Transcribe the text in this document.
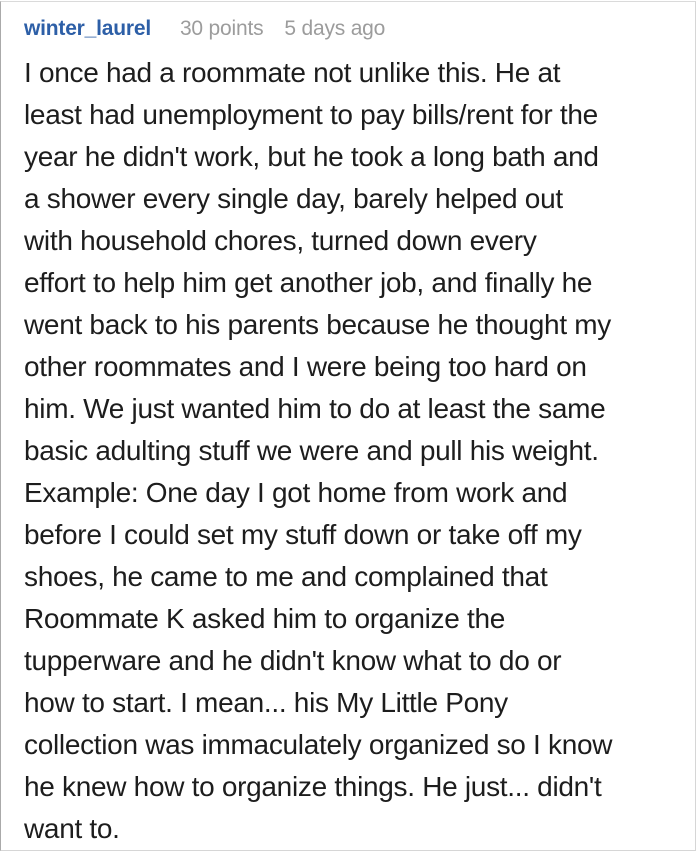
winter_laurel 30 points 5 days ago
I once had a roommate not unlike this. He at
least had unemployment to pay bills/rent for the
year he didn't work, but he took a long bath and
a shower every single day, barely helped out
with household chores, turned down every
effort to help him get another job, and finally he
went back to his parents because he thought my
other roommates and I were being too hard on
him. We just wanted him to do at least the same
basic adulting stuff we were and pull his weight.
Example: One day I got home from work and
before I could set my stuff down or take off my
shoes, he came to me and complained that
Roommate K asked him to organize the
tupperware and he didn't know what to do or
how to start. I mean... his My Little Pony
collection was immaculately organized so I know
he knew how to organize things. He just... didn't
want to.
